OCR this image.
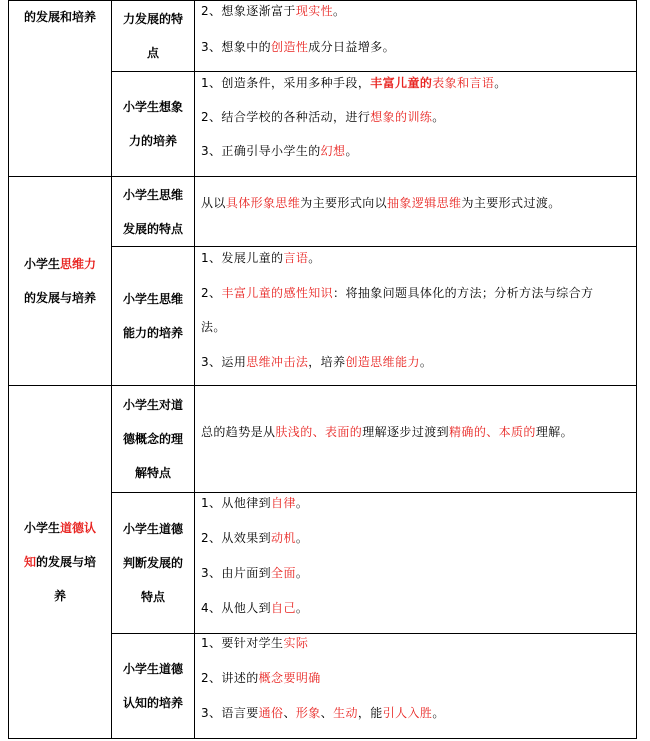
的发展和培养 力发展的特
点
2、想象逐渐富于现实性。
3、想象中的创造性成分日益增多。
小学生想象
力的培养
1、创造条件，采用多种手段，丰富儿童的表象和言语。
2、结合学校的各种活动，进行想象的训练。
3、正确引导小学生的幻想。
小学生思维力
的发展与培养
小学生思维
发展的特点
从以具体形象思维为主要形式向以抽象逻辑思维为主要形式过渡。
小学生思维
能力的培养
1、发展儿童的言语。
2、丰富儿童的感性知识：将抽象问题具体化的方法；分析方法与综合方
法。
3、运用思维冲击法，培养创造思维能力。
小学生道德认
知的发展与培
养
小学生对道
德概念的理
解特点
总的趋势是从肤浅的、表面的理解逐步过渡到精确的、本质的理解。
小学生道德
判断发展的
特点
1、从他律到自律。
2、从效果到动机。
3、由片面到全面。
4、从他人到自己。
小学生道德
认知的培养
1、要针对学生实际
2、讲述的概念要明确
3、语言要通俗、形象、生动，能引人入胜。
